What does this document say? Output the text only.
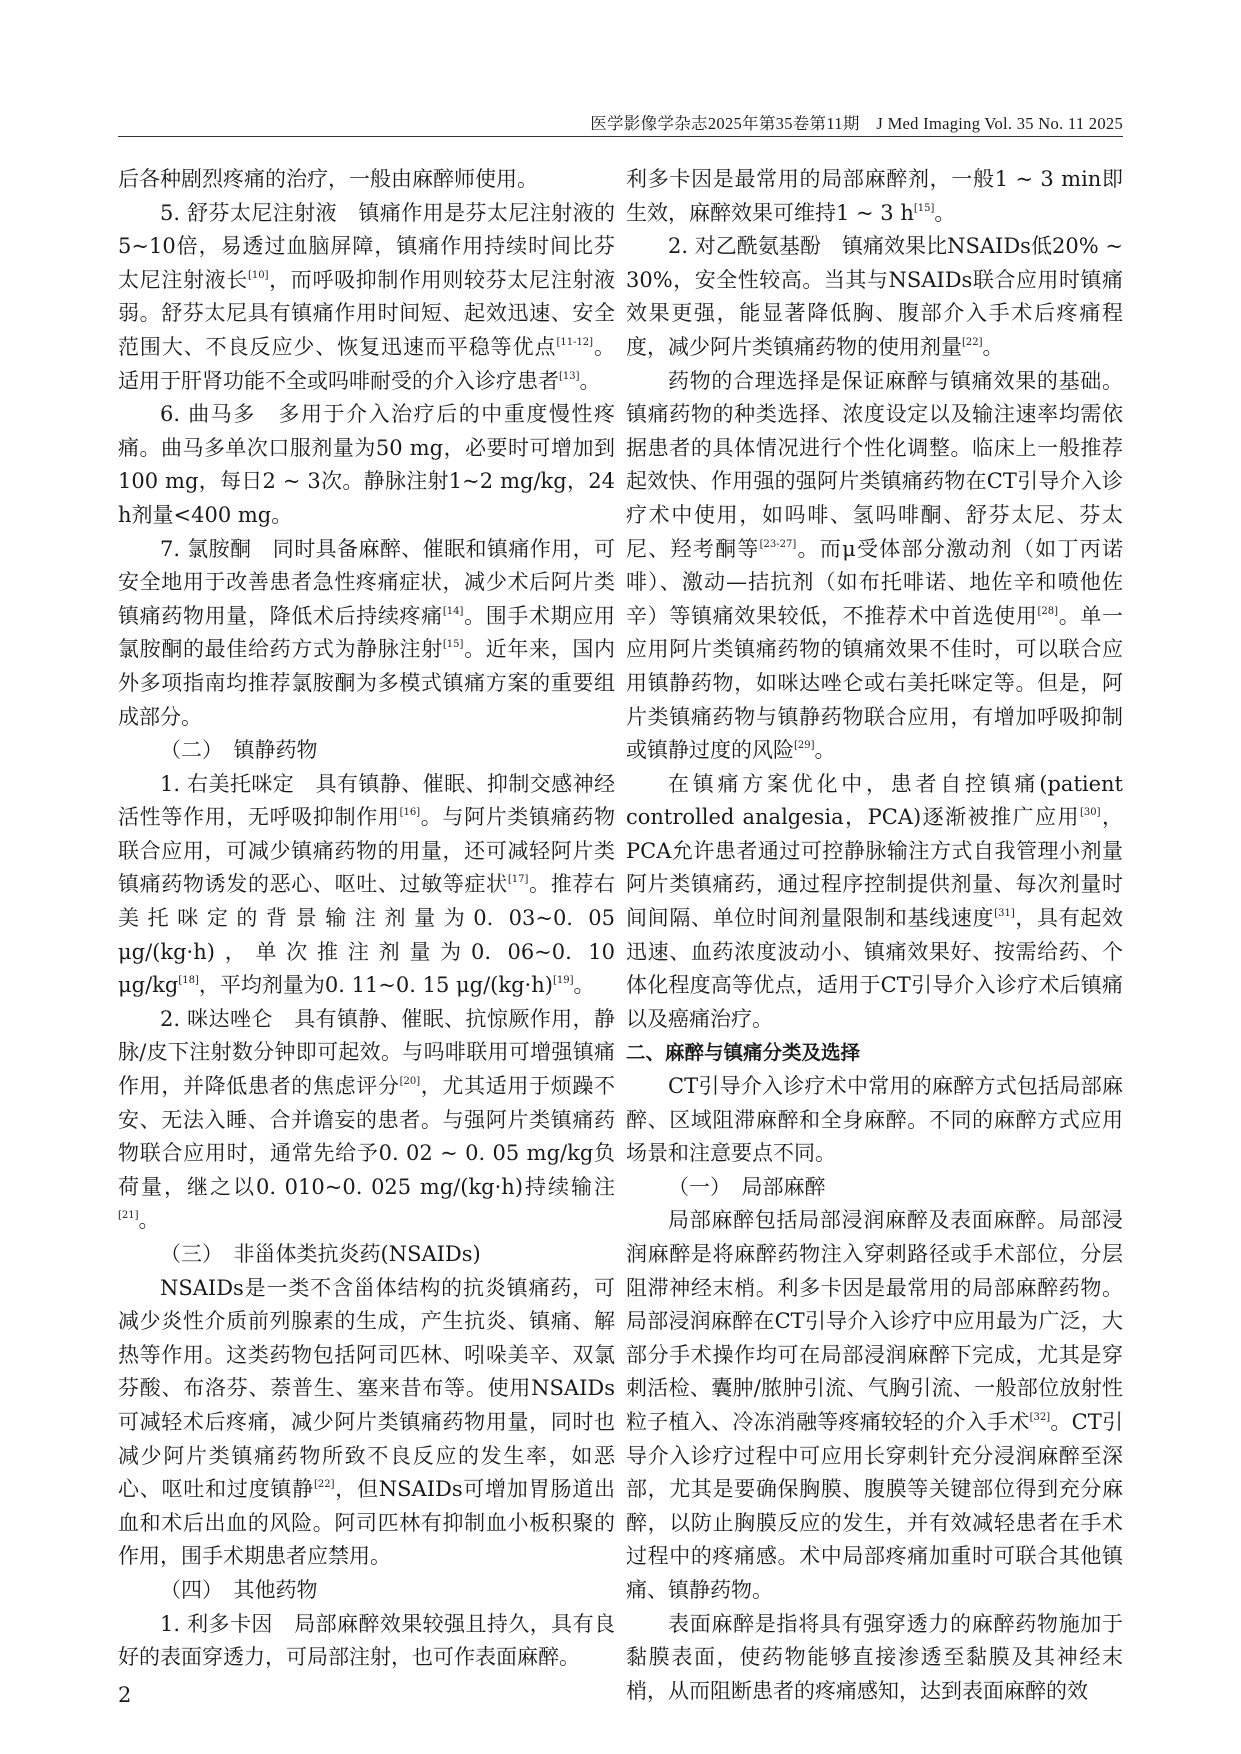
医学影像学杂志2025年第35卷第11期　J Med Imaging Vol. 35 No. 11 2025

后各种剧烈疼痛的治疗，一般由麻醉师使用。

5. 舒芬太尼注射液　镇痛作用是芬太尼注射液的5~10倍，易透过血脑屏障，镇痛作用持续时间比芬太尼注射液长[10]，而呼吸抑制作用则较芬太尼注射液弱。舒芬太尼具有镇痛作用时间短、起效迅速、安全范围大、不良反应少、恢复迅速而平稳等优点[11-12]。适用于肝肾功能不全或吗啡耐受的介入诊疗患者[13]。

6. 曲马多　多用于介入治疗后的中重度慢性疼痛。曲马多单次口服剂量为50 mg，必要时可增加到100 mg，每日2 ~ 3次。静脉注射1~2 mg/kg，24 h剂量<400 mg。

7. 氯胺酮　同时具备麻醉、催眠和镇痛作用，可安全地用于改善患者急性疼痛症状，减少术后阿片类镇痛药物用量，降低术后持续疼痛[14]。围手术期应用氯胺酮的最佳给药方式为静脉注射[15]。近年来，国内外多项指南均推荐氯胺酮为多模式镇痛方案的重要组成部分。

（二）　镇静药物

1. 右美托咪定　具有镇静、催眠、抑制交感神经活性等作用，无呼吸抑制作用[16]。与阿片类镇痛药物联合应用，可减少镇痛药物的用量，还可减轻阿片类镇痛药物诱发的恶心、呕吐、过敏等症状[17]。推荐右美托咪定的背景输注剂量为0. 03~0. 05 μg/(kg·h)，单次推注剂量为0. 06~0. 10 μg/kg[18]，平均剂量为0. 11~0. 15 μg/(kg·h)[19]。

2. 咪达唑仑　具有镇静、催眠、抗惊厥作用，静脉/皮下注射数分钟即可起效。与吗啡联用可增强镇痛作用，并降低患者的焦虑评分[20]，尤其适用于烦躁不安、无法入睡、合并谵妄的患者。与强阿片类镇痛药物联合应用时，通常先给予0. 02 ~ 0. 05 mg/kg负荷量，继之以0. 010~0. 025 mg/(kg·h)持续输注[21]。

（三）　非甾体类抗炎药(NSAIDs)

NSAIDs是一类不含甾体结构的抗炎镇痛药，可减少炎性介质前列腺素的生成，产生抗炎、镇痛、解热等作用。这类药物包括阿司匹林、吲哚美辛、双氯芬酸、布洛芬、萘普生、塞来昔布等。使用NSAIDs可减轻术后疼痛，减少阿片类镇痛药物用量，同时也减少阿片类镇痛药物所致不良反应的发生率，如恶心、呕吐和过度镇静[22]，但NSAIDs可增加胃肠道出血和术后出血的风险。阿司匹林有抑制血小板积聚的作用，围手术期患者应禁用。

（四）　其他药物

1. 利多卡因　局部麻醉效果较强且持久，具有良好的表面穿透力，可局部注射，也可作表面麻醉。

利多卡因是最常用的局部麻醉剂，一般1 ~ 3 min即生效，麻醉效果可维持1 ~ 3 h[15]。

2. 对乙酰氨基酚　镇痛效果比NSAIDs低20% ~ 30%，安全性较高。当其与NSAIDs联合应用时镇痛效果更强，能显著降低胸、腹部介入手术后疼痛程度，减少阿片类镇痛药物的使用剂量[22]。

药物的合理选择是保证麻醉与镇痛效果的基础。镇痛药物的种类选择、浓度设定以及输注速率均需依据患者的具体情况进行个性化调整。临床上一般推荐起效快、作用强的强阿片类镇痛药物在CT引导介入诊疗术中使用，如吗啡、氢吗啡酮、舒芬太尼、芬太尼、羟考酮等[23-27]。而μ受体部分激动剂（如丁丙诺啡）、激动—拮抗剂（如布托啡诺、地佐辛和喷他佐辛）等镇痛效果较低，不推荐术中首选使用[28]。单一应用阿片类镇痛药物的镇痛效果不佳时，可以联合应用镇静药物，如咪达唑仑或右美托咪定等。但是，阿片类镇痛药物与镇静药物联合应用，有增加呼吸抑制或镇静过度的风险[29]。

在镇痛方案优化中，患者自控镇痛(patient controlled analgesia，PCA)逐渐被推广应用[30]，PCA允许患者通过可控静脉输注方式自我管理小剂量阿片类镇痛药，通过程序控制提供剂量、每次剂量时间间隔、单位时间剂量限制和基线速度[31]，具有起效迅速、血药浓度波动小、镇痛效果好、按需给药、个体化程度高等优点，适用于CT引导介入诊疗术后镇痛以及癌痛治疗。

二、麻醉与镇痛分类及选择

CT引导介入诊疗术中常用的麻醉方式包括局部麻醉、区域阻滞麻醉和全身麻醉。不同的麻醉方式应用场景和注意要点不同。

（一）　局部麻醉

局部麻醉包括局部浸润麻醉及表面麻醉。局部浸润麻醉是将麻醉药物注入穿刺路径或手术部位，分层阻滞神经末梢。利多卡因是最常用的局部麻醉药物。局部浸润麻醉在CT引导介入诊疗中应用最为广泛，大部分手术操作均可在局部浸润麻醉下完成，尤其是穿刺活检、囊肿/脓肿引流、气胸引流、一般部位放射性粒子植入、冷冻消融等疼痛较轻的介入手术[32]。CT引导介入诊疗过程中可应用长穿刺针充分浸润麻醉至深部，尤其是要确保胸膜、腹膜等关键部位得到充分麻醉，以防止胸膜反应的发生，并有效减轻患者在手术过程中的疼痛感。术中局部疼痛加重时可联合其他镇痛、镇静药物。

表面麻醉是指将具有强穿透力的麻醉药物施加于黏膜表面，使药物能够直接渗透至黏膜及其神经末梢，从而阻断患者的疼痛感知，达到表面麻醉的效

2
